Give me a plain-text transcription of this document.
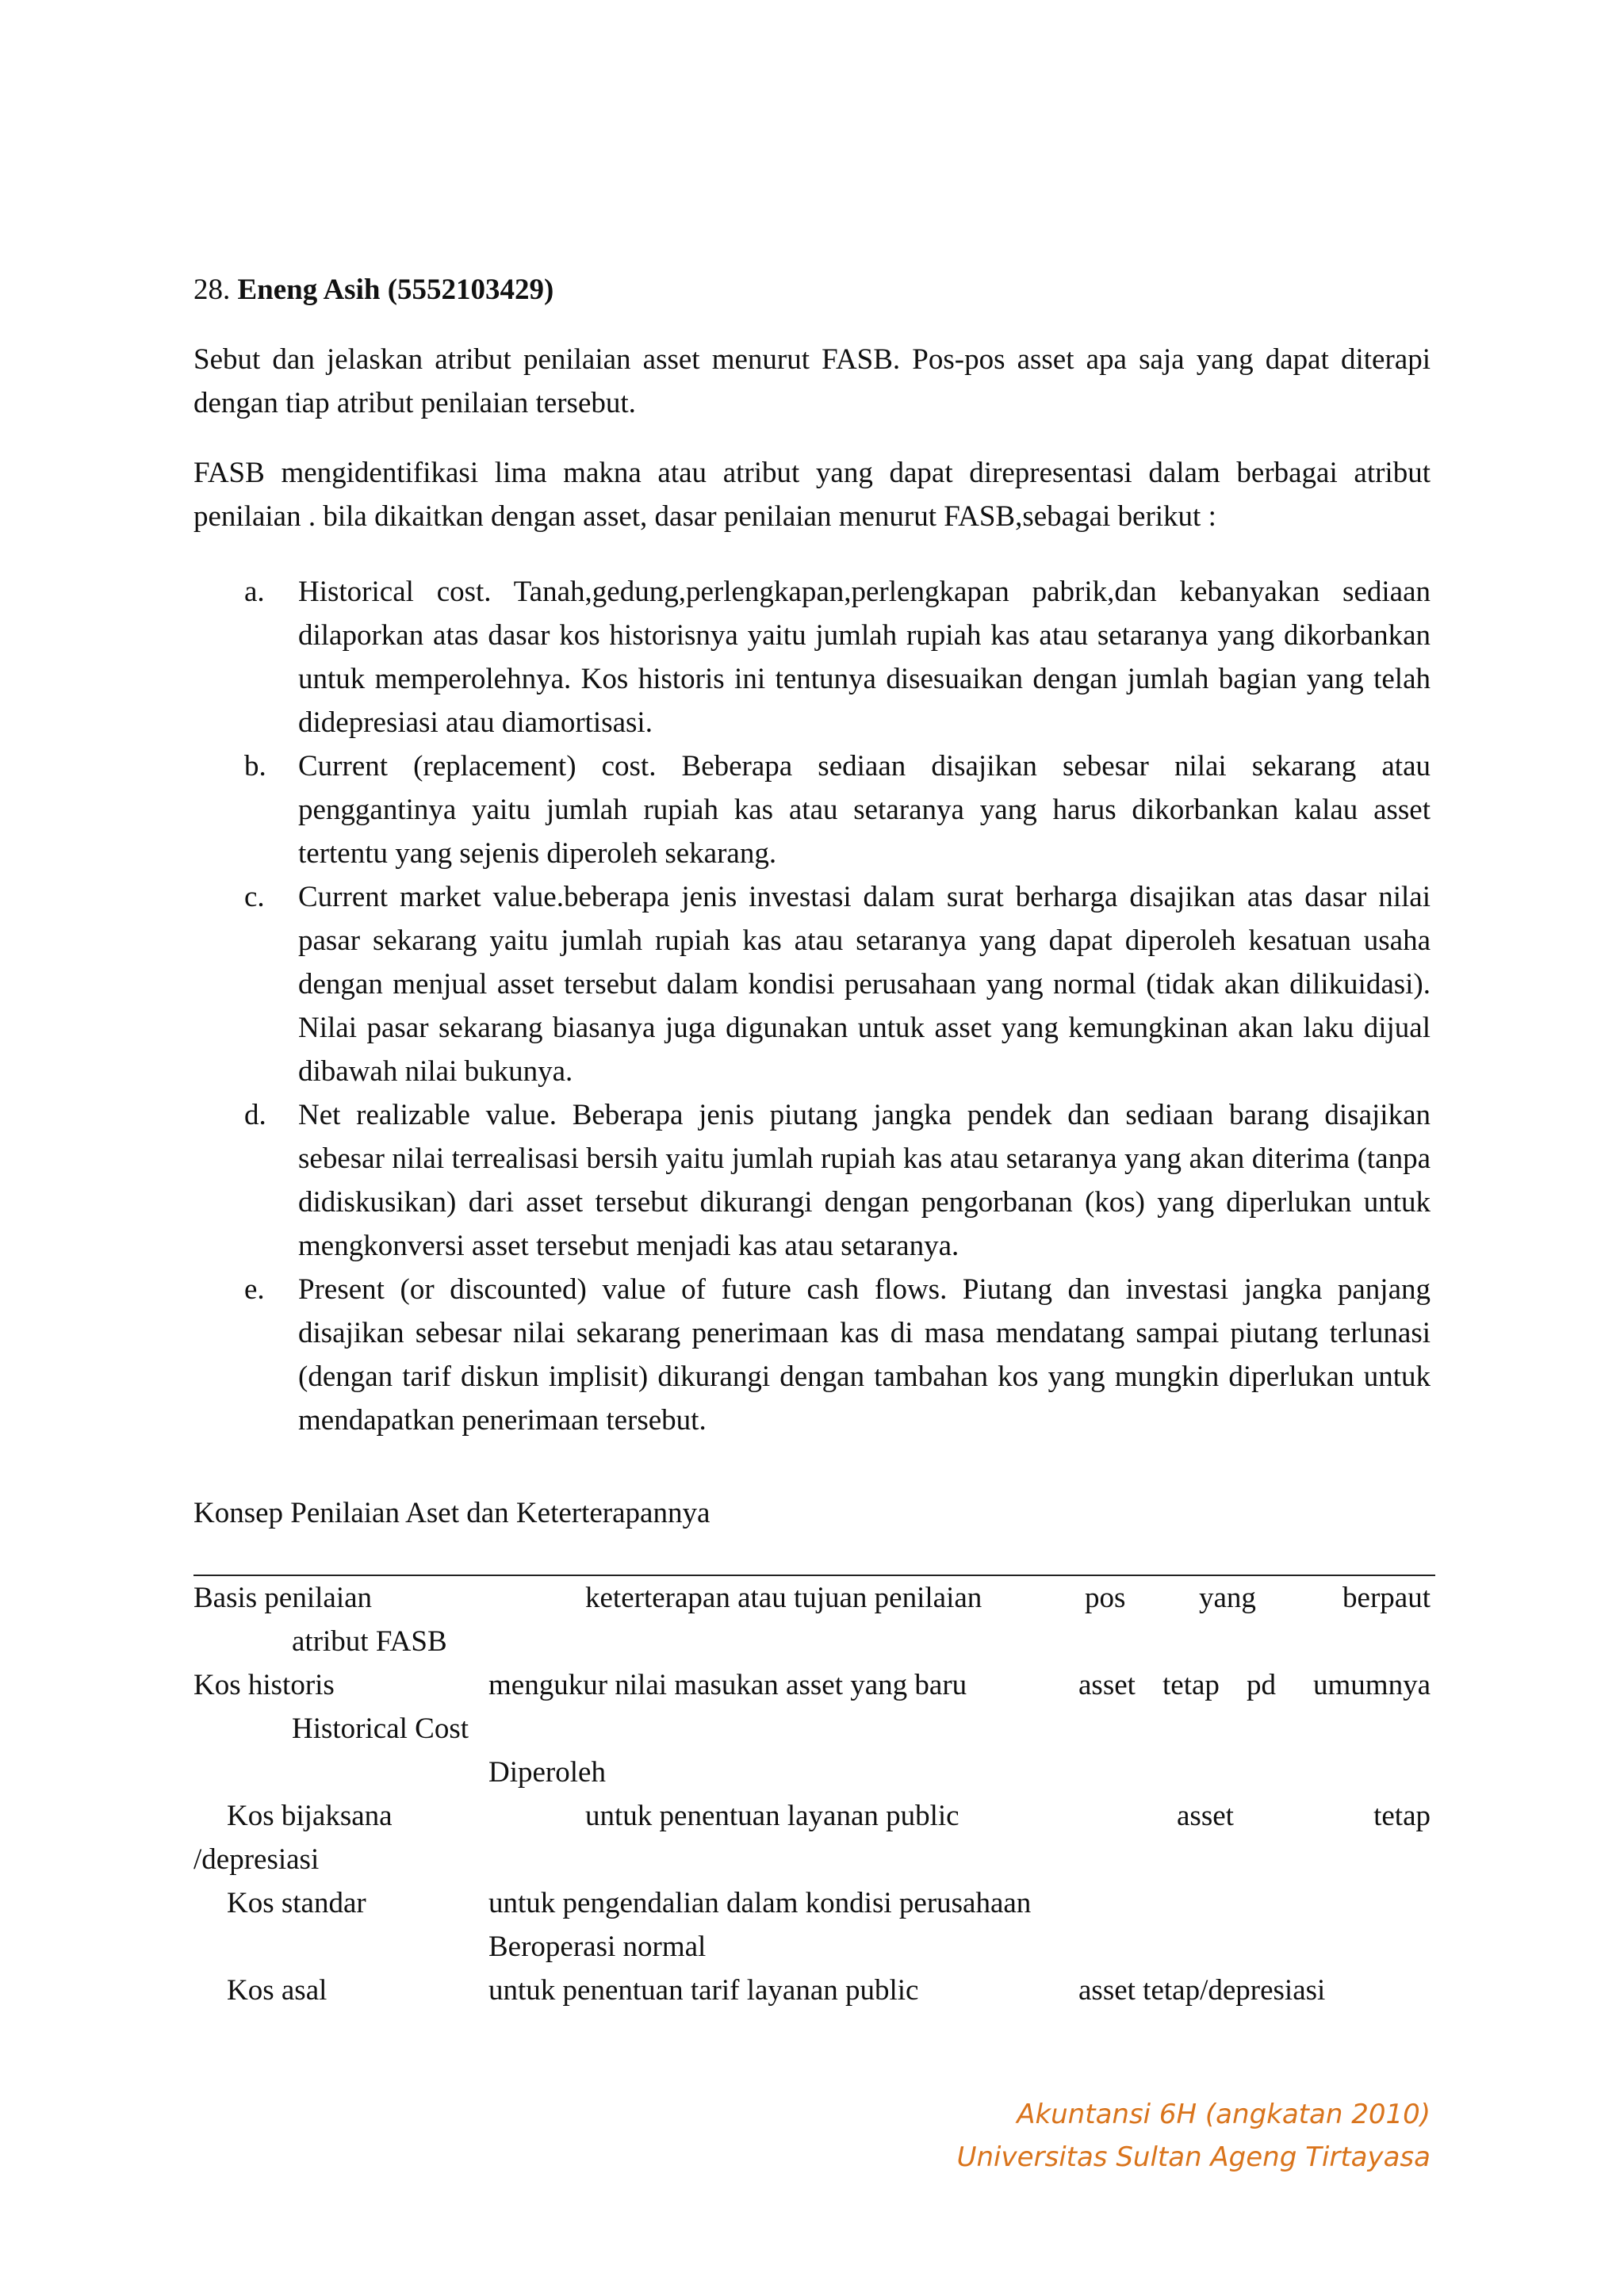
28. Eneng Asih (5552103429)

Sebut dan jelaskan atribut penilaian asset menurut FASB. Pos-pos asset apa saja yang dapat diterapi dengan tiap atribut penilaian tersebut.

FASB mengidentifikasi lima makna atau atribut yang dapat direpresentasi dalam berbagai atribut penilaian . bila dikaitkan dengan asset, dasar penilaian menurut FASB,sebagai berikut :

a. Historical cost. Tanah,gedung,perlengkapan,perlengkapan pabrik,dan kebanyakan sediaan dilaporkan atas dasar kos historisnya yaitu jumlah rupiah kas atau setaranya yang dikorbankan untuk memperolehnya. Kos historis ini tentunya disesuaikan dengan jumlah bagian yang telah didepresiasi atau diamortisasi.
b. Current (replacement) cost. Beberapa sediaan disajikan sebesar nilai sekarang atau penggantinya yaitu jumlah rupiah kas atau setaranya yang harus dikorbankan kalau asset tertentu yang sejenis diperoleh sekarang.
c. Current market value.beberapa jenis investasi dalam surat berharga disajikan atas dasar nilai pasar sekarang yaitu jumlah rupiah kas atau setaranya yang dapat diperoleh kesatuan usaha dengan menjual asset tersebut dalam kondisi perusahaan yang normal (tidak akan dilikuidasi). Nilai pasar sekarang biasanya juga digunakan untuk asset yang kemungkinan akan laku dijual dibawah nilai bukunya.
d. Net realizable value. Beberapa jenis piutang jangka pendek dan sediaan barang disajikan sebesar nilai terrealisasi bersih yaitu jumlah rupiah kas atau setaranya yang akan diterima (tanpa didiskusikan) dari asset tersebut dikurangi dengan pengorbanan (kos) yang diperlukan untuk mengkonversi asset tersebut menjadi kas atau setaranya.
e. Present (or discounted) value of future cash flows. Piutang dan investasi jangka panjang disajikan sebesar nilai sekarang penerimaan kas di masa mendatang sampai piutang terlunasi (dengan tarif diskun implisit) dikurangi dengan tambahan kos yang mungkin diperlukan untuk mendapatkan penerimaan tersebut.

Konsep Penilaian Aset dan Keterterapannya

Basis penilaian	keterterapan atau tujuan penilaian	pos	yang	berpaut
atribut FASB
Kos historis	mengukur nilai masukan asset yang baru	asset tetap pd umumnya
Historical Cost
Diperoleh
Kos bijaksana	untuk penentuan layanan public	asset	tetap
/depresiasi
Kos standar	untuk pengendalian dalam kondisi perusahaan
Beroperasi normal
Kos asal	untuk penentuan tarif layanan public	asset tetap/depresiasi
Akuntansi 6H (angkatan 2010)
Universitas Sultan Ageng Tirtayasa
